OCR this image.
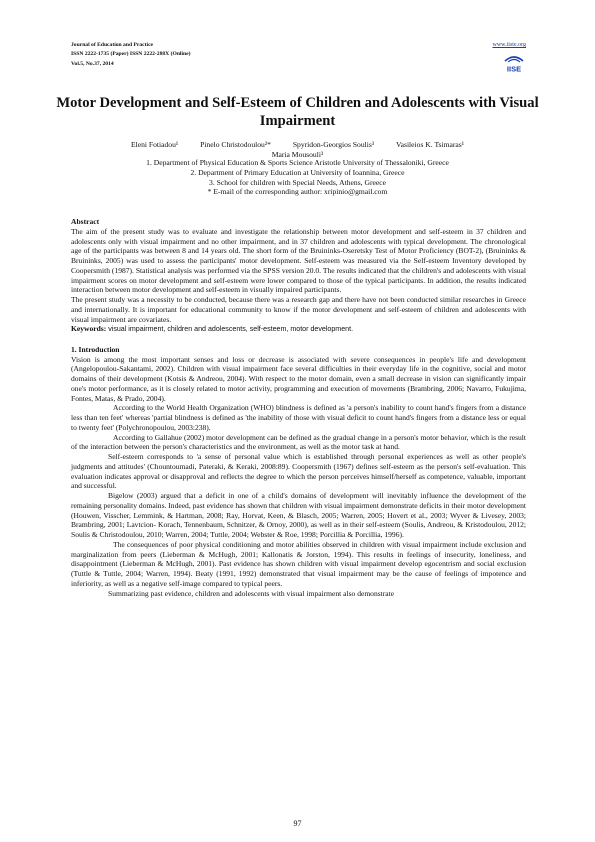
Journal of Education and Practice
ISSN 2222-1735 (Paper) ISSN 2222-288X (Online)
Vol.5, No.37, 2014
www.iiste.org
IISE
Motor Development and Self-Esteem of Children and Adolescents with Visual Impairment
Eleni Fotiadou¹	Pinelo Christodoulou²*	Spyridon-Georgios Soulis³	Vasileios K. Tsimaras¹
Maria Mousouli³
1. Department of Physical Education & Sports Science Aristotle University of Thessaloniki, Greece
2. Department of Primary Education at University of Ioannina, Greece
3. School for children with Special Needs, Athens, Greece
* E-mail of the corresponding author: xripinio@gmail.com

Abstract

The aim of the present study was to evaluate and investigate the relationship between motor development and self-esteem in 37 children and adolescents only with visual impairment and no other impairment, and in 37 children and adolescents with typical development. The chronological age of the participants was between 8 and 14 years old. The short form of the Bruininks-Oseretsky Test of Motor Proficiency (BOT-2), (Bruininks & Bruininks, 2005) was used to assess the participants' motor development. Self-esteem was measured via the Self-esteem Inventory developed by Coopersmith (1987). Statistical analysis was performed via the SPSS version 20.0. The results indicated that the children's and adolescents with visual impairment scores on motor development and self-esteem were lower compared to those of the typical participants. In addition, the results indicated interaction between motor development and self-esteem in visually impaired participants.

The present study was a necessity to be conducted, because there was a research gap and there have not been conducted similar researches in Greece and internationally. It is important for educational community to know if the motor development and self-esteem of children and adolescents with visual impairment are covariates.

Keywords: visual impairment, children and adolescents, self-esteem, motor development.

1. Introduction

Vision is among the most important senses and loss or decrease is associated with severe consequences in people's life and development (Angelopoulou-Sakantami, 2002). Children with visual impairment face several difficulties in their everyday life in the cognitive, social and motor domains of their development (Kotsis & Andreou, 2004). With respect to the motor domain, even a small decrease in vision can significantly impair one's motor performance, as it is closely related to motor activity, programming and execution of movements (Brambring, 2006; Navarro, Fukujima, Fontes, Matas, & Prado, 2004).

According to the World Health Organization (WHO) blindness is defined as 'a person's inability to count hand's fingers from a distance less than ten feet' whereas 'partial blindness is defined as 'the inability of those with visual deficit to count hand's fingers from a distance less or equal to twenty feet' (Polychronopoulou, 2003:238).

According to Gallahue (2002) motor development can be defined as the gradual change in a person's motor behavior, which is the result of the interaction between the person's characteristics and the environment, as well as the motor task at hand.

Self-esteem corresponds to 'a sense of personal value which is established through personal experiences as well as other people's judgments and attitudes' (Chountoumadi, Pateraki, & Keraki, 2008:89). Coopersmith (1967) defines self-esteem as the person's self-evaluation. This evaluation indicates approval or disapproval and reflects the degree to which the person perceives himself/herself as competence, valuable, important and successful.

Bigelow (2003) argued that a deficit in one of a child's domains of development will inevitably influence the development of the remaining personality domains. Indeed, past evidence has shown that children with visual impairment demonstrate deficits in their motor development (Houwen, Visscher, Lemmink, & Hartman, 2008; Ray, Horvat, Keen, & Blasch, 2005; Warren, 2005; Hovert et al., 2003; Wyver & Livesey, 2003; Brambring, 2001; Lavtcion- Korach, Tennenbaum, Schnitzer, & Ornoy, 2000), as well as in their self-esteem (Soulis, Andreou, & Kristodoulou, 2012; Soulis & Christodoulou, 2010; Warren, 2004; Tuttle, 2004; Webster & Roe, 1998; Porcillia & Porcillia, 1996).

The consequences of poor physical conditioning and motor abilities observed in children with visual impairment include exclusion and marginalization from peers (Lieberman & McHugh, 2001; Kallonatis & Jorston, 1994). This results in feelings of insecurity, loneliness, and disappointment (Lieberman & McHugh, 2001). Past evidence has shown children with visual impairment develop egocentrism and social exclusion (Tuttle & Tuttle, 2004; Warren, 1994). Beaty (1991, 1992) demonstrated that visual impairment may be the cause of feelings of impotence and inferiority, as well as a negative self-image compared to typical peers.

Summarizing past evidence, children and adolescents with visual impairment also demonstrate

97
